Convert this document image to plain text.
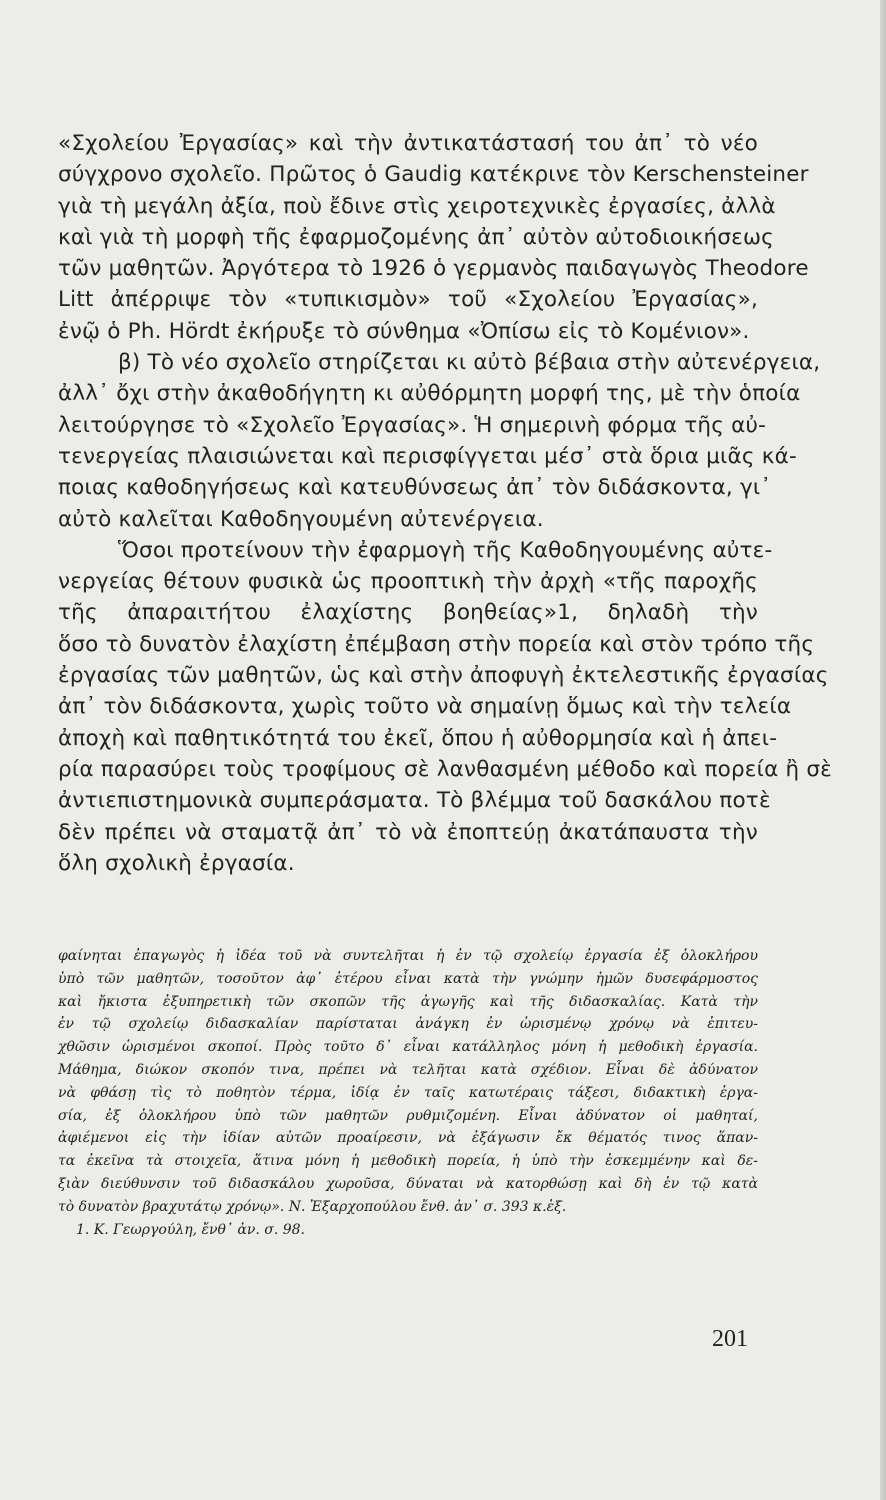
«Σχολείου Ἐργασίας» καὶ τὴν ἀντικατάστασή του ἀπ᾽ τὸ νέο
σύγχρονο σχολεῖο. Πρῶτος ὁ Gaudig κατέκρινε τὸν Kerschensteiner
γιὰ τὴ μεγάλη ἀξία, ποὺ ἔδινε στὶς χειροτεχνικὲς ἐργασίες, ἀλλὰ
καὶ γιὰ τὴ μορφὴ τῆς ἐφαρμοζομένης ἀπ᾽ αὐτὸν αὐτοδιοικήσεως
τῶν μαθητῶν. Ἀργότερα τὸ 1926 ὁ γερμανὸς παιδαγωγὸς Theodore
Litt ἀπέρριψε τὸν «τυπικισμὸν» τοῦ «Σχολείου Ἐργασίας»,
ἐνῷ ὁ Ph. Hördt ἐκήρυξε τὸ σύνθημα «Ὀπίσω εἰς τὸ Κομένιον».
β) Τὸ νέο σχολεῖο στηρίζεται κι αὐτὸ βέβαια στὴν αὐτενέργεια,
ἀλλ᾽ ὄχι στὴν ἀκαθοδήγητη κι αὐθόρμητη μορφή της, μὲ τὴν ὁποία
λειτούργησε τὸ «Σχολεῖο Ἐργασίας». Ἡ σημερινὴ φόρμα τῆς αὐ-
τενεργείας πλαισιώνεται καὶ περισφίγγεται μέσ᾽ στὰ ὅρια μιᾶς κά-
ποιας καθοδηγήσεως καὶ κατευθύνσεως ἀπ᾽ τὸν διδάσκοντα, γι᾽
αὐτὸ καλεῖται Καθοδηγουμένη αὐτενέργεια.
Ὅσοι προτείνουν τὴν ἐφαρμογὴ τῆς Καθοδηγουμένης αὐτε-
νεργείας θέτουν φυσικὰ ὡς προοπτικὴ τὴν ἀρχὴ «τῆς παροχῆς
τῆς ἀπαραιτήτου ἐλαχίστης βοηθείας»1, δηλαδὴ τὴν
ὅσο τὸ δυνατὸν ἐλαχίστη ἐπέμβαση στὴν πορεία καὶ στὸν τρόπο τῆς
ἐργασίας τῶν μαθητῶν, ὡς καὶ στὴν ἀποφυγὴ ἐκτελεστικῆς ἐργασίας
ἀπ᾽ τὸν διδάσκοντα, χωρὶς τοῦτο νὰ σημαίνῃ ὅμως καὶ τὴν τελεία
ἀποχὴ καὶ παθητικότητά του ἐκεῖ, ὅπου ἡ αὐθορμησία καὶ ἡ ἀπει-
ρία παρασύρει τοὺς τροφίμους σὲ λανθασμένη μέθοδο καὶ πορεία ἢ σὲ
ἀντιεπιστημονικὰ συμπεράσματα. Τὸ βλέμμα τοῦ δασκάλου ποτὲ
δὲν πρέπει νὰ σταματᾷ ἀπ᾽ τὸ νὰ ἐποπτεύῃ ἀκατάπαυστα τὴν
ὅλη σχολικὴ ἐργασία.
φαίνηται ἐπαγωγὸς ἡ ἰδέα τοῦ νὰ συντελῆται ἡ ἐν τῷ σχολείῳ ἐργασία ἐξ ὁλοκλήρου
ὑπὸ τῶν μαθητῶν, τοσοῦτον ἀφ᾽ ἑτέρου εἶναι κατὰ τὴν γνώμην ἡμῶν δυσεφάρμοστος
καὶ ἤκιστα ἐξυπηρετικὴ τῶν σκοπῶν τῆς ἀγωγῆς καὶ τῆς διδασκαλίας. Κατὰ τὴν
ἐν τῷ σχολείῳ διδασκαλίαν παρίσταται ἀνάγκη ἐν ὡρισμένῳ χρόνῳ νὰ ἐπιτευ-
χθῶσιν ὡρισμένοι σκοποί. Πρὸς τοῦτο δ᾽ εἶναι κατάλληλος μόνη ἡ μεθοδικὴ ἐργασία.
Μάθημα, διώκον σκοπόν τινα, πρέπει νὰ τελῆται κατὰ σχέδιον. Εἶναι δὲ ἀδύνατον
νὰ φθάσῃ τὶς τὸ ποθητὸν τέρμα, ἰδίᾳ ἐν ταῖς κατωτέραις τάξεσι, διδακτικὴ ἐργα-
σία, ἐξ ὁλοκλήρου ὑπὸ τῶν μαθητῶν ρυθμιζομένη. Εἶναι ἀδύνατον οἱ μαθηταί,
ἀφιέμενοι εἰς τὴν ἰδίαν αὐτῶν προαίρεσιν, νὰ ἐξάγωσιν ἔκ θέματός τινος ἅπαν-
τα ἐκεῖνα τὰ στοιχεῖα, ἅτινα μόνη ἡ μεθοδικὴ πορεία, ἡ ὑπὸ τὴν ἐσκεμμένην καὶ δε-
ξιὰν διεύθυνσιν τοῦ διδασκάλου χωροῦσα, δύναται νὰ κατορθώσῃ καὶ δὴ ἐν τῷ κατὰ
τὸ δυνατὸν βραχυτάτῳ χρόνῳ». Ν. Ἐξαρχοπούλου ἔνθ. ἀν᾽ σ. 393 κ.ἑξ.
1. Κ. Γεωργούλη, ἔνθ᾽ ἀν. σ. 98.
201
